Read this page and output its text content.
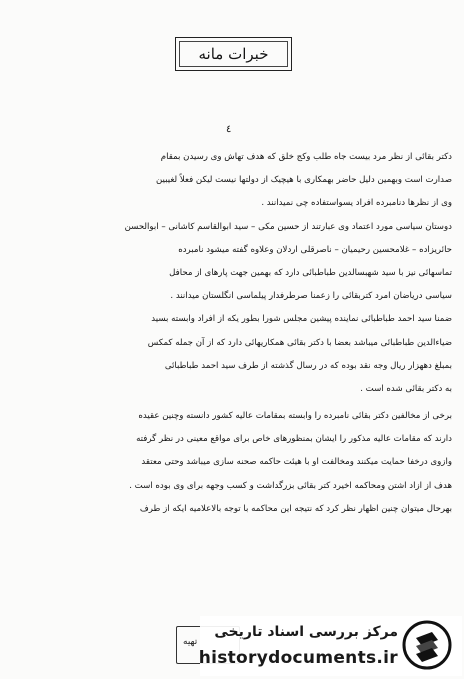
خبرات مانه
٤
دکتر بقائی از نظر مرد بیست جاه طلب وکج خلق که هدف تهاش وی رسیدن بمقام
صدارت است وبهمین دلیل حاضر بهمکاری با هیچیک از دولتها نیست لیکن فعلاً لغیبین
وی از نظرها دنامبرده افراد یسواستفاده چی نمیدانند .
دوستان سیاسی مورد اعتماد وی عبارتند از حسین مکی – سید ابوالقاسم کاشانی – ابوالحسن
حائریزاده – غلامحسین رحیمیان – ناصرقلی اردلان وعلاوه گفته میشود نامبرده
تماسهائی نیز با سید شهبسالدین طباطبائی دارد که بهمین جهت پارهای از محافل
سیاسی دریاضان امرد کتربقائی را زعمنا صرطرفدار پیلماسی انگلستان میدانند .
ضمنا سید احمد طباطبائی نماینده پیشین مجلس شورا بطور یکه از افراد وابسته بسید
ضیاءالدین طباطبائی میباشد بعضا با دکتر بقائی همکاریهائی دارد که از آن جمله کمکس
بمبلغ دههزار ریال وجه نقد بوده که در رسال گذشته از طرف سید احمد طباطبائی
به دکتر بقائی شده است .
برخی از مخالفین دکتر بقائی نامبرده را وابسته بمقامات عالیه کشور دانسته وچنین عقیده
دارند که مقامات عالیه مذکور را ایشان بمنظورهای خاص برای مواقع معینی در نظر گرفته
وازوی درخفا حمایت میکنند ومخالفت او با هیئت حاکمه صحنه سازی میباشد وحتی معتقد
هدف از ازاد اشتن ومحاکمه اخیرد کتر بقائی بزرگداشت و کسب وجهه برای وی بوده است .
بهرحال میتوان چنین اظهار نظر کرد که نتیجه این محاکمه با توجه بالاعلامیه ایکه از طرف
تهیه
مرکز بررسی اسناد تاریخی
historydocuments.ir
